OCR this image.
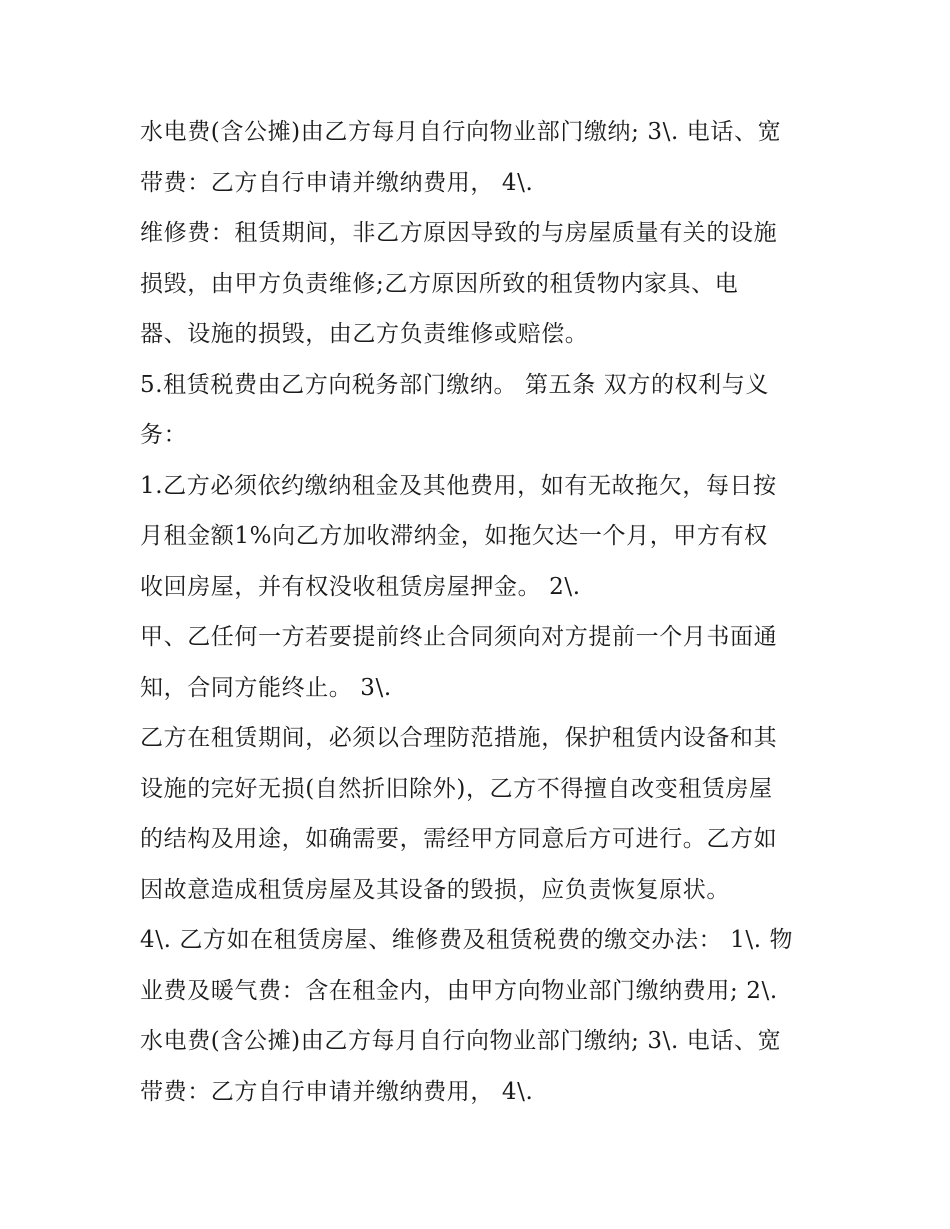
水电费(含公摊)由乙方每月自行向物业部门缴纳; 3\. 电话、宽
带费：乙方自行申请并缴纳费用， 4\.
维修费：租赁期间，非乙方原因导致的与房屋质量有关的设施
损毁，由甲方负责维修;乙方原因所致的租赁物内家具、电
器、设施的损毁，由乙方负责维修或赔偿。
5.租赁税费由乙方向税务部门缴纳。 第五条 双方的权利与义
务：
1.乙方必须依约缴纳租金及其他费用，如有无故拖欠，每日按
月租金额1%向乙方加收滞纳金，如拖欠达一个月，甲方有权
收回房屋，并有权没收租赁房屋押金。 2\.
甲、乙任何一方若要提前终止合同须向对方提前一个月书面通
知，合同方能终止。 3\.
乙方在租赁期间，必须以合理防范措施，保护租赁内设备和其
设施的完好无损(自然折旧除外)，乙方不得擅自改变租赁房屋
的结构及用途，如确需要，需经甲方同意后方可进行。乙方如
因故意造成租赁房屋及其设备的毁损，应负责恢复原状。
4\. 乙方如在租赁房屋、维修费及租赁税费的缴交办法： 1\. 物
业费及暖气费：含在租金内，由甲方向物业部门缴纳费用; 2\.
水电费(含公摊)由乙方每月自行向物业部门缴纳; 3\. 电话、宽
带费：乙方自行申请并缴纳费用， 4\.
